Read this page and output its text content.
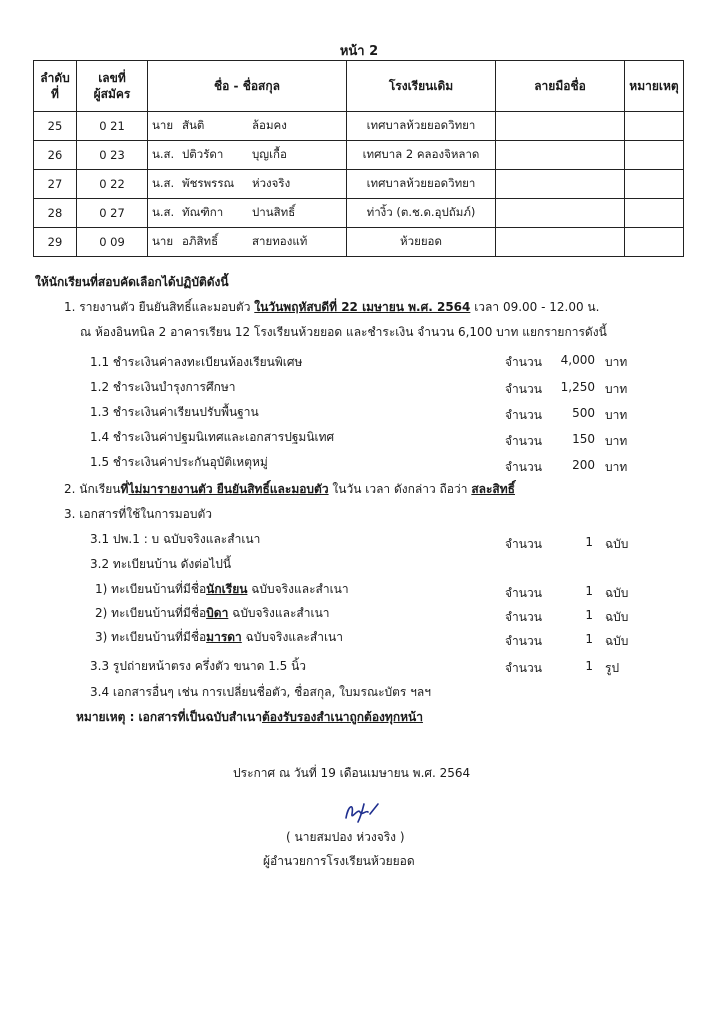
หน้า 2
ลำดับ
ที่	เลขที่
ผู้สมัคร	ชื่อ - ชื่อสกุล	โรงเรียนเดิม	ลายมือชื่อ	หมายเหตุ
25	0 21	นาย สันติ ล้อมคง	เทศบาลห้วยยอดวิทยา		
26	0 23	น.ส. ปติวรัดา บุญเกื้อ	เทศบาล 2 คลองจิหลาด		
27	0 22	น.ส. พัชรพรรณ ห่วงจริง	เทศบาลห้วยยอดวิทยา		
28	0 27	น.ส. ทัณฑิกา ปานสิทธิ์	ท่างิ้ว (ต.ช.ด.อุปถัมภ์)		
29	0 09	นาย อภิสิทธิ์ สายทองแท้	ห้วยยอด		
ให้นักเรียนที่สอบคัดเลือกได้ปฏิบัติดังนี้
1. รายงานตัว ยืนยันสิทธิ์และมอบตัว ในวันพฤหัสบดีที่ 22 เมษายน พ.ศ. 2564 เวลา 09.00 - 12.00 น.
ณ ห้องอินทนิล 2 อาคารเรียน 12 โรงเรียนห้วยยอด และชำระเงิน จำนวน 6,100 บาท แยกรายการดังนี้
1.1 ชำระเงินค่าลงทะเบียนห้องเรียนพิเศษ	จำนวน	4,000 บาท
1.2 ชำระเงินบำรุงการศึกษา	จำนวน	1,250 บาท
1.3 ชำระเงินค่าเรียนปรับพื้นฐาน	จำนวน	500 บาท
1.4 ชำระเงินค่าปฐมนิเทศและเอกสารปฐมนิเทศ	จำนวน	150 บาท
1.5 ชำระเงินค่าประกันอุบัติเหตุหมู่	จำนวน	200 บาท
2. นักเรียนที่ไม่มารายงานตัว ยืนยันสิทธิ์และมอบตัว ในวัน เวลา ดังกล่าว ถือว่า สละสิทธิ์
3. เอกสารที่ใช้ในการมอบตัว
3.1 ปพ.1 : บ ฉบับจริงและสำเนา	จำนวน	1 ฉบับ
3.2 ทะเบียนบ้าน ดังต่อไปนี้
1) ทะเบียนบ้านที่มีชื่อนักเรียน ฉบับจริงและสำเนา	จำนวน	1 ฉบับ
2) ทะเบียนบ้านที่มีชื่อบิดา ฉบับจริงและสำเนา	จำนวน	1 ฉบับ
3) ทะเบียนบ้านที่มีชื่อมารดา ฉบับจริงและสำเนา	จำนวน	1 ฉบับ
3.3 รูปถ่ายหน้าตรง ครึ่งตัว ขนาด 1.5 นิ้ว	จำนวน	1 รูป
3.4 เอกสารอื่นๆ เช่น การเปลี่ยนชื่อตัว, ชื่อสกุล, ใบมรณะบัตร ฯลฯ
หมายเหตุ : เอกสารที่เป็นฉบับสำเนาต้องรับรองสำเนาถูกต้องทุกหน้า
ประกาศ ณ วันที่ 19 เดือนเมษายน พ.ศ. 2564
( นายสมปอง ห่วงจริง )
ผู้อำนวยการโรงเรียนห้วยยอด
